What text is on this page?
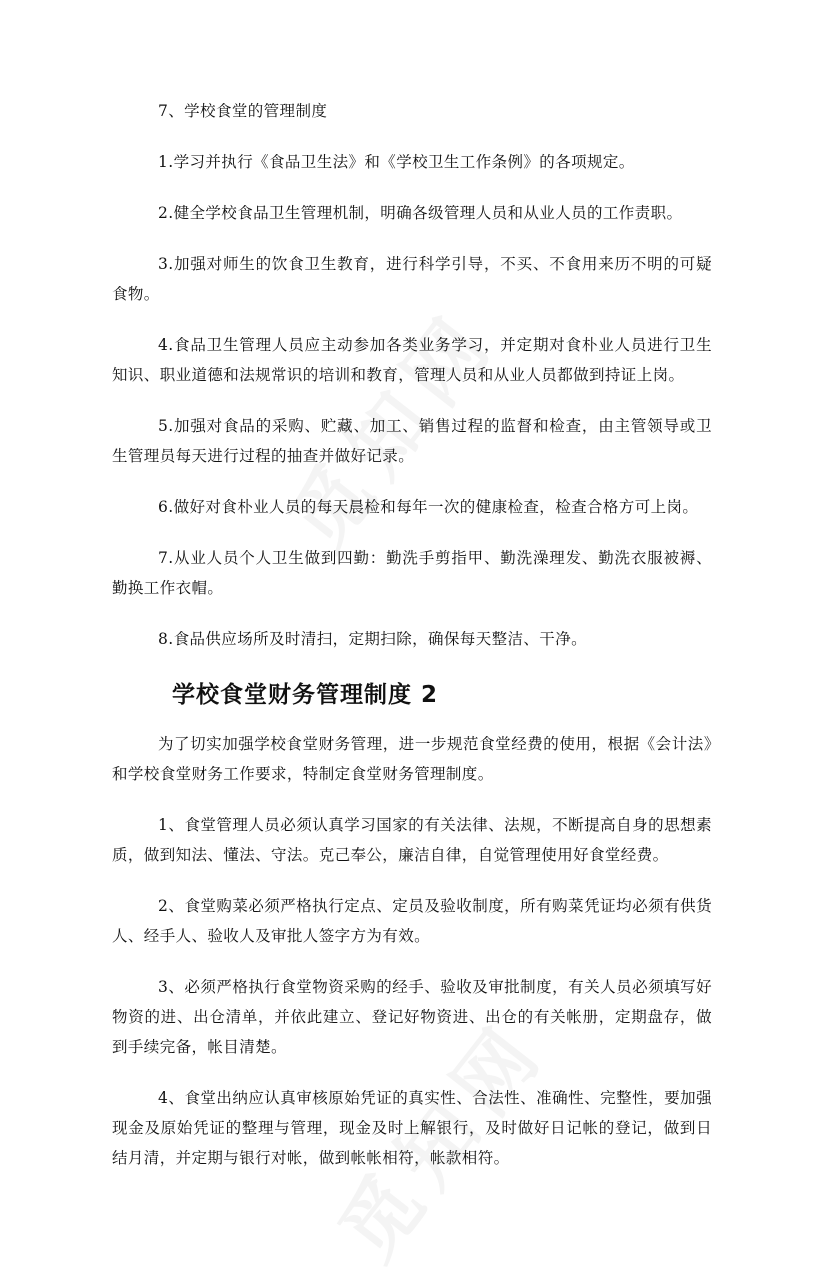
7、学校食堂的管理制度

1.学习并执行《食品卫生法》和《学校卫生工作条例》的各项规定。

2.健全学校食品卫生管理机制，明确各级管理人员和从业人员的工作责职。

3.加强对师生的饮食卫生教育，进行科学引导，不买、不食用来历不明的可疑食物。

4.食品卫生管理人员应主动参加各类业务学习，并定期对食朴业人员进行卫生知识、职业道德和法规常识的培训和教育，管理人员和从业人员都做到持证上岗。

5.加强对食品的采购、贮藏、加工、销售过程的监督和检查，由主管领导或卫生管理员每天进行过程的抽查并做好记录。

6.做好对食朴业人员的每天晨检和每年一次的健康检查，检查合格方可上岗。

7.从业人员个人卫生做到四勤：勤洗手剪指甲、勤洗澡理发、勤洗衣服被褥、勤换工作衣帽。

8.食品供应场所及时清扫，定期扫除，确保每天整洁、干净。

学校食堂财务管理制度 2

为了切实加强学校食堂财务管理，进一步规范食堂经费的使用，根据《会计法》和学校食堂财务工作要求，特制定食堂财务管理制度。

1、食堂管理人员必须认真学习国家的有关法律、法规，不断提高自身的思想素质，做到知法、懂法、守法。克己奉公，廉洁自律，自觉管理使用好食堂经费。

2、食堂购菜必须严格执行定点、定员及验收制度，所有购菜凭证均必须有供货人、经手人、验收人及审批人签字方为有效。

3、必须严格执行食堂物资采购的经手、验收及审批制度，有关人员必须填写好物资的进、出仓清单，并依此建立、登记好物资进、出仓的有关帐册，定期盘存，做到手续完备，帐目清楚。

4、食堂出纳应认真审核原始凭证的真实性、合法性、准确性、完整性，要加强现金及原始凭证的整理与管理，现金及时上解银行，及时做好日记帐的登记，做到日结月清，并定期与银行对帐，做到帐帐相符，帐款相符。
